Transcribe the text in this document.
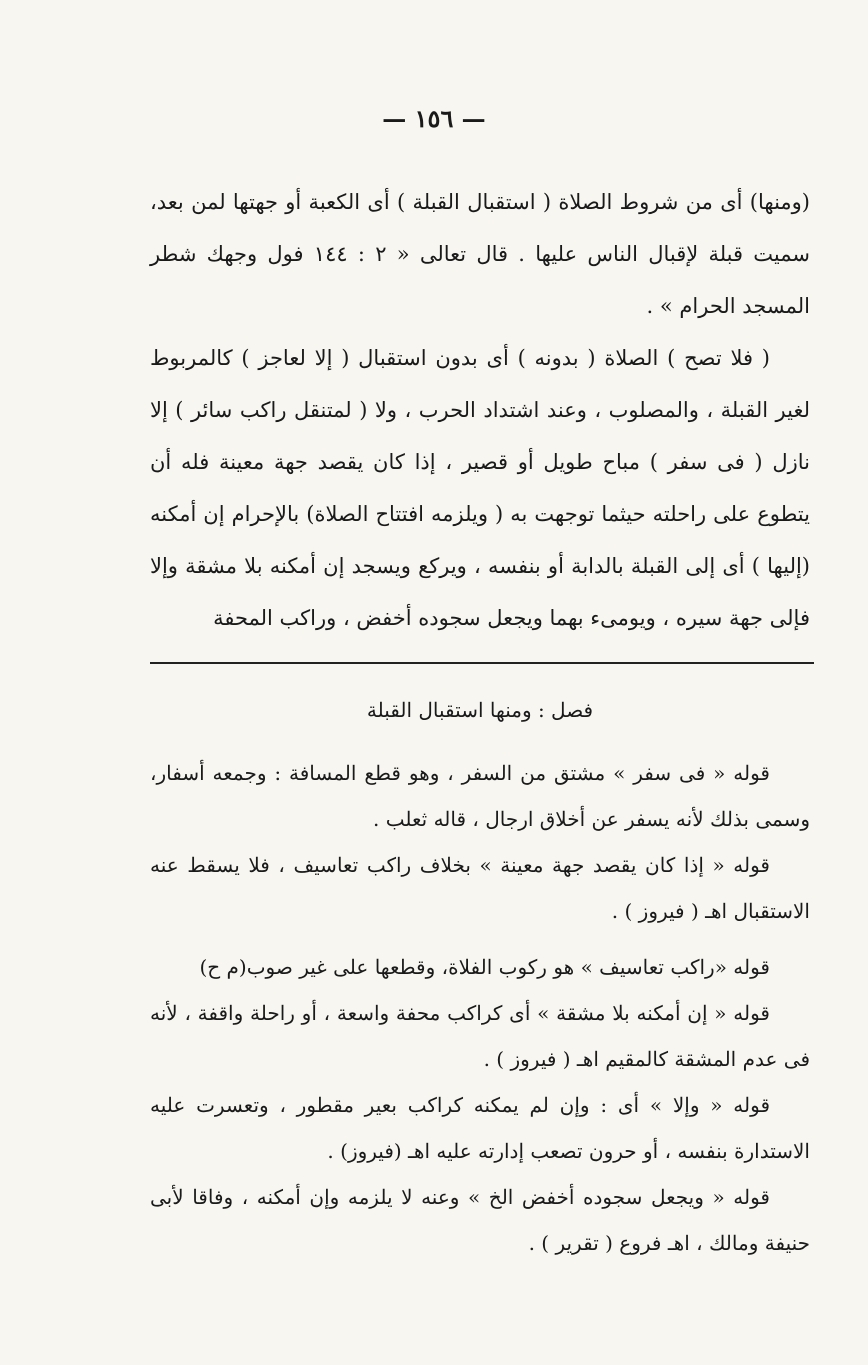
— ١٥٦ —

(ومنها) أى من شروط الصلاة ( استقبال القبلة ) أى الكعبة أو جهتها لمن بعد، سميت قبلة لإقبال الناس عليها . قال تعالى « ٢ : ١٤٤ فول وجهك شطر المسجد الحرام » .

( فلا تصح ) الصلاة ( بدونه ) أى بدون استقبال ( إلا لعاجز ) كالمربوط لغير القبلة ، والمصلوب ، وعند اشتداد الحرب ، ولا ( لمتنقل راكب سائر ) إلا نازل ( فى سفر ) مباح طويل أو قصير ، إذا كان يقصد جهة معينة فله أن يتطوع على راحلته حيثما توجهت به ( ويلزمه افتتاح الصلاة) بالإحرام إن أمكنه (إليها ) أى إلى القبلة بالدابة أو بنفسه ، ويركع ويسجد إن أمكنه بلا مشقة وإلا فإلى جهة سيره ، ويومىء بهما ويجعل سجوده أخفض ، وراكب المحفة

فصل : ومنها استقبال القبلة

قوله « فى سفر » مشتق من السفر ، وهو قطع المسافة : وجمعه أسفار، وسمى بذلك لأنه يسفر عن أخلاق ارجال ، قاله ثعلب .

قوله « إذا كان يقصد جهة معينة » بخلاف راكب تعاسيف ، فلا يسقط عنه الاستقبال اهـ ( فيروز ) .

قوله «راكب تعاسيف » هو ركوب الفلاة، وقطعها على غير صوب(م ح)

قوله « إن أمكنه بلا مشقة » أى كراكب محفة واسعة ، أو راحلة واقفة ، لأنه فى عدم المشقة كالمقيم اهـ ( فيروز ) .

قوله « وإلا » أى : وإن لم يمكنه كراكب بعير مقطور ، وتعسرت عليه الاستدارة بنفسه ، أو حرون تصعب إدارته عليه اهـ (فيروز) .

قوله « ويجعل سجوده أخفض الخ » وعنه لا يلزمه وإن أمكنه ، وفاقا لأبى حنيفة ومالك ، اهـ فروع ( تقرير ) .
